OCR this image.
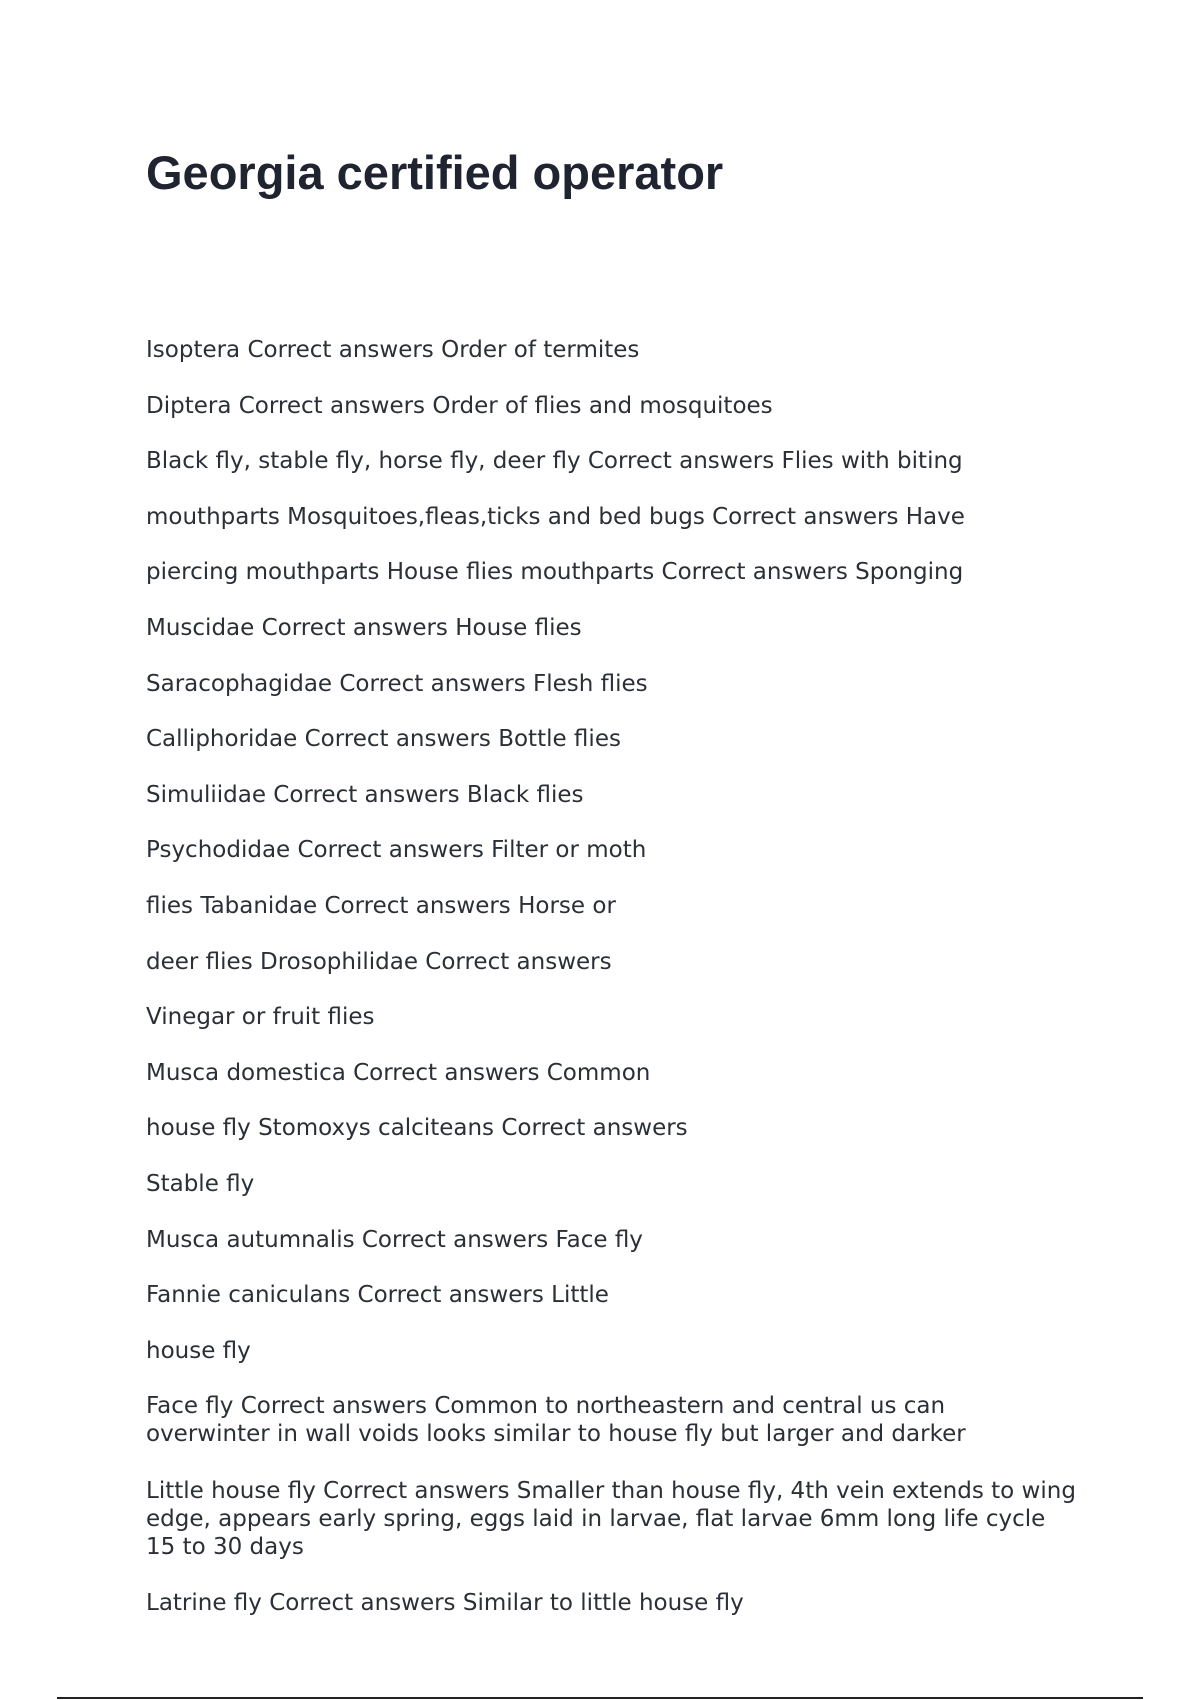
Georgia certified operator

Isoptera Correct answers Order of termites

Diptera Correct answers Order of flies and mosquitoes

Black fly, stable fly, horse fly, deer fly Correct answers Flies with biting

mouthparts Mosquitoes,fleas,ticks and bed bugs Correct answers Have

piercing mouthparts House flies mouthparts Correct answers Sponging

Muscidae Correct answers House flies

Saracophagidae Correct answers Flesh flies

Calliphoridae Correct answers Bottle flies

Simuliidae Correct answers Black flies

Psychodidae Correct answers Filter or moth

flies Tabanidae Correct answers Horse or

deer flies Drosophilidae Correct answers

Vinegar or fruit flies

Musca domestica Correct answers Common

house fly Stomoxys calciteans Correct answers

Stable fly

Musca autumnalis Correct answers Face fly

Fannie caniculans Correct answers Little

house fly

Face fly Correct answers Common to northeastern and central us can overwinter in wall voids looks similar to house fly but larger and darker

Little house fly Correct answers Smaller than house fly, 4th vein extends to wing edge, appears early spring, eggs laid in larvae, flat larvae 6mm long life cycle 15 to 30 days

Latrine fly Correct answers Similar to little house fly
